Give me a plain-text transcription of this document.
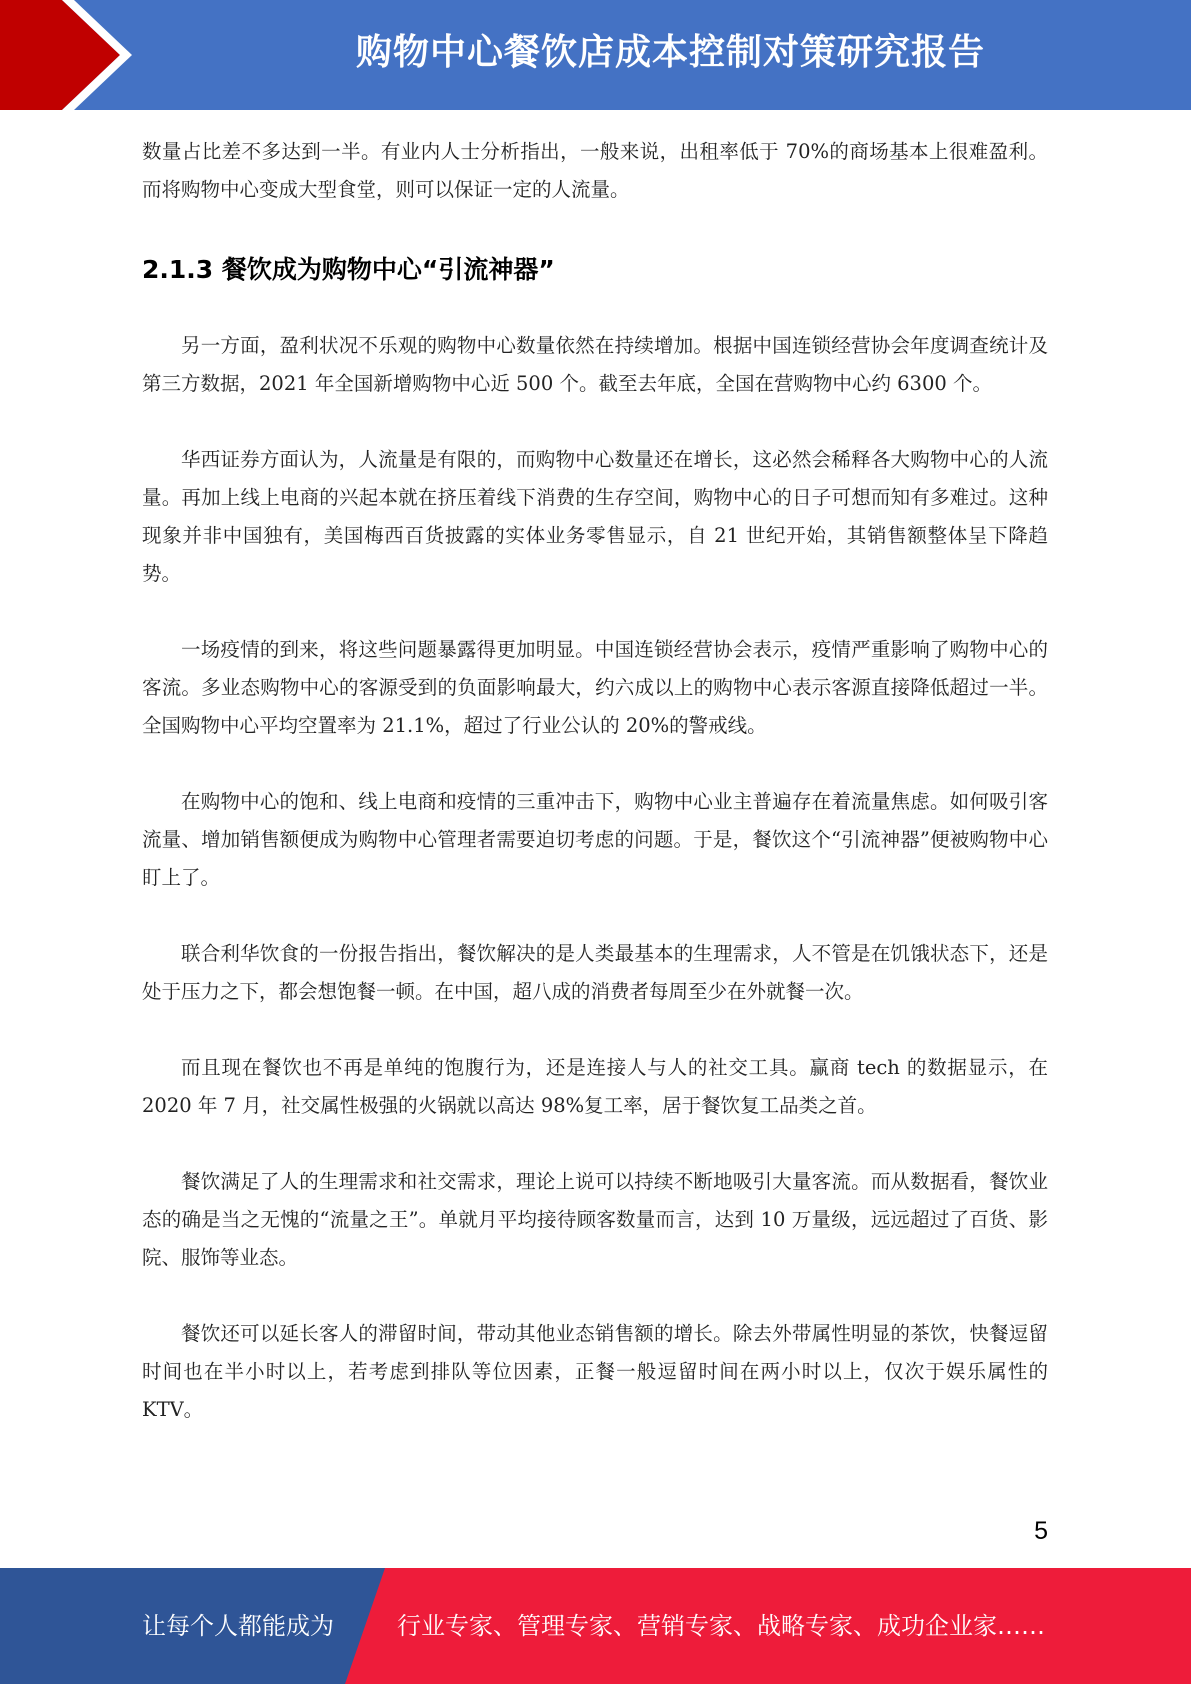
购物中心餐饮店成本控制对策研究报告

数量占比差不多达到一半。有业内人士分析指出，一般来说，出租率低于 70%的商场基本上很难盈利。而将购物中心变成大型食堂，则可以保证一定的人流量。

2.1.3 餐饮成为购物中心“引流神器”

另一方面，盈利状况不乐观的购物中心数量依然在持续增加。根据中国连锁经营协会年度调查统计及第三方数据，2021 年全国新增购物中心近 500 个。截至去年底，全国在营购物中心约 6300 个。

华西证券方面认为，人流量是有限的，而购物中心数量还在增长，这必然会稀释各大购物中心的人流量。再加上线上电商的兴起本就在挤压着线下消费的生存空间，购物中心的日子可想而知有多难过。这种现象并非中国独有，美国梅西百货披露的实体业务零售显示，自 21 世纪开始，其销售额整体呈下降趋势。

一场疫情的到来，将这些问题暴露得更加明显。中国连锁经营协会表示，疫情严重影响了购物中心的客流。多业态购物中心的客源受到的负面影响最大，约六成以上的购物中心表示客源直接降低超过一半。全国购物中心平均空置率为 21.1%，超过了行业公认的 20%的警戒线。

在购物中心的饱和、线上电商和疫情的三重冲击下，购物中心业主普遍存在着流量焦虑。如何吸引客流量、增加销售额便成为购物中心管理者需要迫切考虑的问题。于是，餐饮这个“引流神器”便被购物中心盯上了。

联合利华饮食的一份报告指出，餐饮解决的是人类最基本的生理需求，人不管是在饥饿状态下，还是处于压力之下，都会想饱餐一顿。在中国，超八成的消费者每周至少在外就餐一次。

而且现在餐饮也不再是单纯的饱腹行为，还是连接人与人的社交工具。赢商 tech 的数据显示，在 2020 年 7 月，社交属性极强的火锅就以高达 98%复工率，居于餐饮复工品类之首。

餐饮满足了人的生理需求和社交需求，理论上说可以持续不断地吸引大量客流。而从数据看，餐饮业态的确是当之无愧的“流量之王”。单就月平均接待顾客数量而言，达到 10 万量级，远远超过了百货、影院、服饰等业态。

餐饮还可以延长客人的滞留时间，带动其他业态销售额的增长。除去外带属性明显的茶饮，快餐逗留时间也在半小时以上，若考虑到排队等位因素，正餐一般逗留时间在两小时以上，仅次于娱乐属性的 KTV。

5
让每个人都能成为	行业专家、管理专家、营销专家、战略专家、成功企业家……
